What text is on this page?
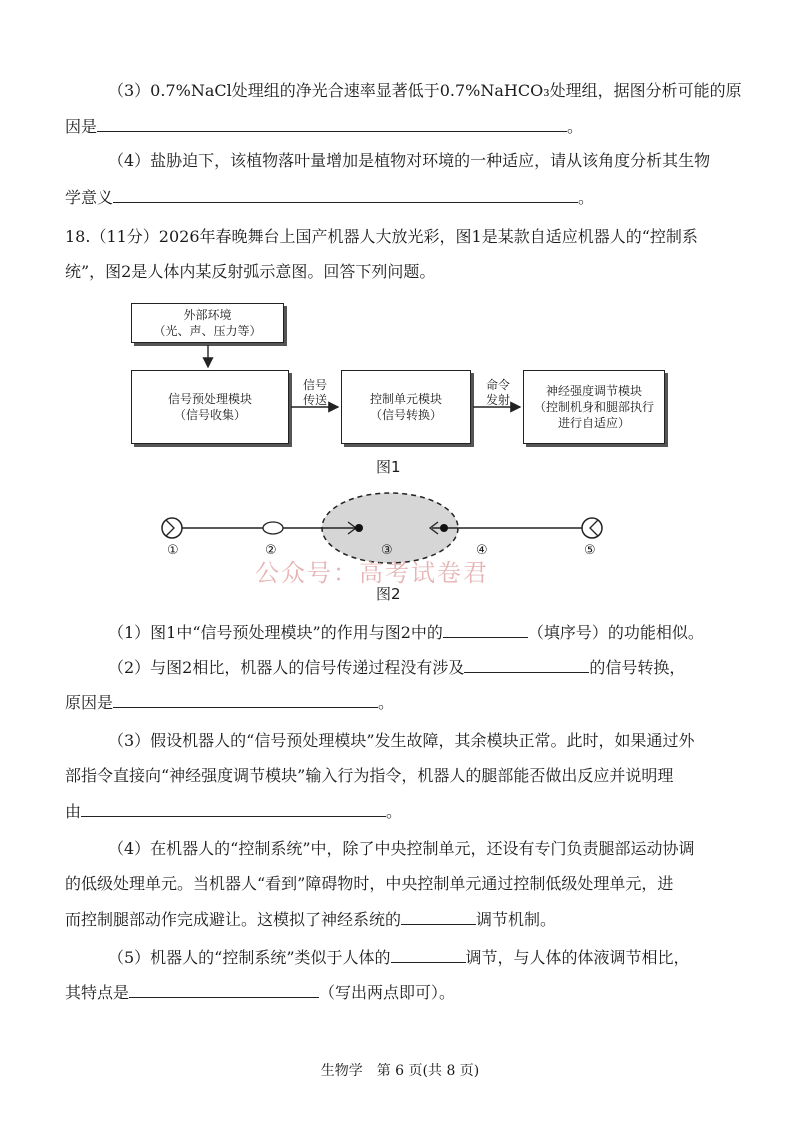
（3）0.7%NaCl处理组的净光合速率显著低于0.7%NaHCO₃处理组，据图分析可能的原
因是	。
（4）盐胁迫下，该植物落叶量增加是植物对环境的一种适应，请从该角度分析其生物
学意义	。
18.（11分）2026年春晚舞台上国产机器人大放光彩，图1是某款自适应机器人的“控制系
统”，图2是人体内某反射弧示意图。回答下列问题。
外部环境
（光、声、压力等）
信号预处理模块
（信号收集）
控制单元模块
（信号转换）
神经强度调节模块
（控制机身和腿部执行
进行自适应）
信号
传送
命令
发射
图1
①	②	③	④	⑤
公众号：高考试卷君
图2
（1）图1中“信号预处理模块”的作用与图2中的	（填序号）的功能相似。
（2）与图2相比，机器人的信号传递过程没有涉及	的信号转换，
原因是	。
（3）假设机器人的“信号预处理模块”发生故障，其余模块正常。此时，如果通过外
部指令直接向“神经强度调节模块”输入行为指令，机器人的腿部能否做出反应并说明理
由	。
（4）在机器人的“控制系统”中，除了中央控制单元，还设有专门负责腿部运动协调
的低级处理单元。当机器人“看到”障碍物时，中央控制单元通过控制低级处理单元，进
而控制腿部动作完成避让。这模拟了神经系统的	调节机制。
（5）机器人的“控制系统”类似于人体的	调节，与人体的体液调节相比，
其特点是	（写出两点即可）。
生物学　第 6 页(共 8 页)
